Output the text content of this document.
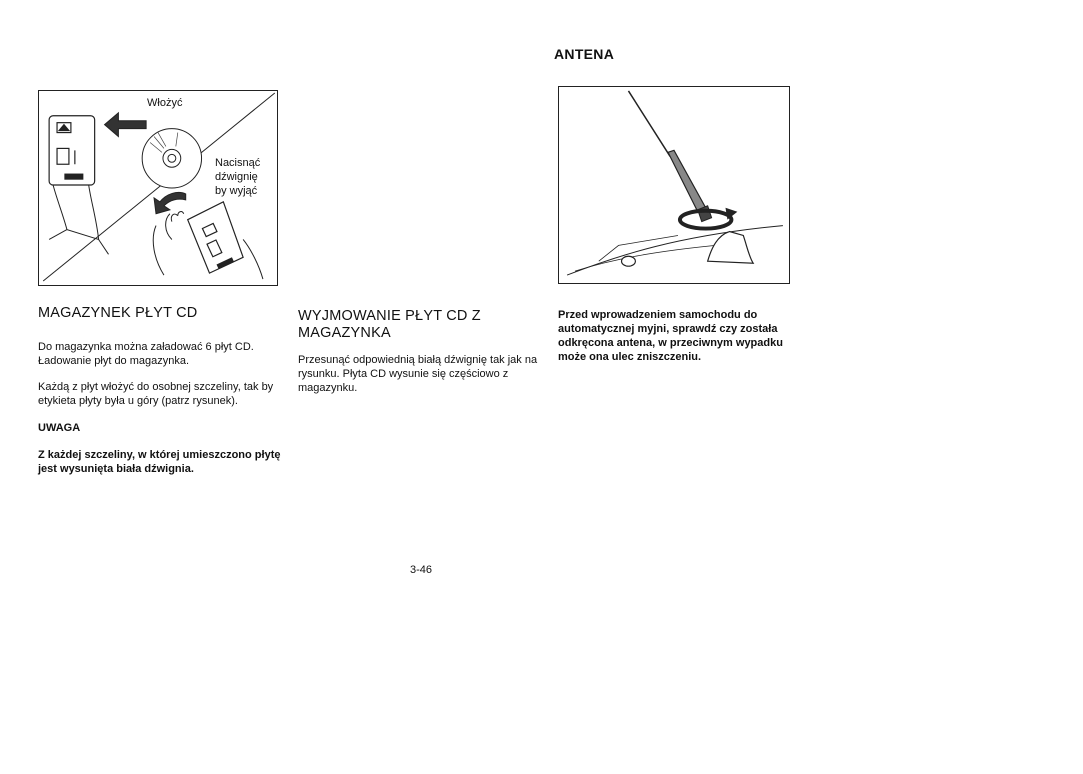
ANTENA
Włożyć
Nacisnąć
dźwignię
by wyjąć
MAGAZYNEK PŁYT CD
Do magazynka można załadować 6 płyt CD. Ładowanie płyt do magazynka.
Każdą z płyt włożyć do osobnej szczeliny, tak by etykieta płyty była u góry (patrz rysunek).
UWAGA
Z każdej szczeliny, w której umieszczono płytę jest wysunięta biała dźwignia.
WYJMOWANIE PŁYT CD Z MAGAZYNKA
Przesunąć odpowiednią białą dźwignię tak jak na rysunku. Płyta CD wysunie się częściowo z magazynku.
Przed wprowadzeniem samochodu do automatycznej myjni, sprawdź czy została odkręcona antena, w przeciwnym wypadku może ona ulec zniszczeniu.
3-46
